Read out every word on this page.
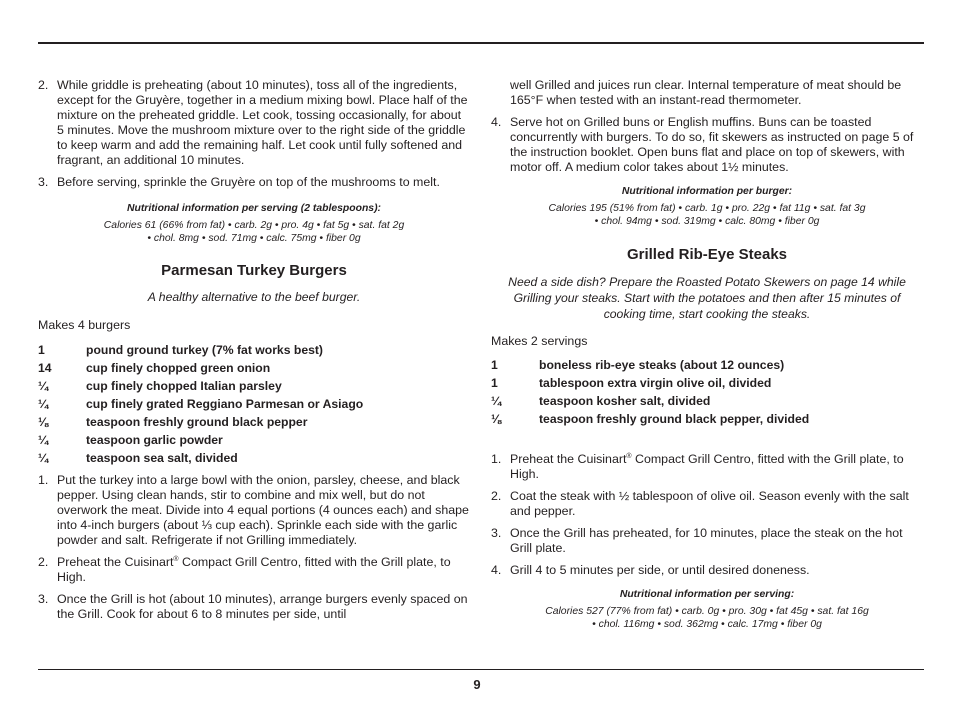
2. While griddle is preheating (about 10 minutes), toss all of the ingredients, except for the Gruyère, together in a medium mixing bowl. Place half of the mixture on the preheated griddle. Let cook, tossing occasionally, for about 5 minutes. Move the mushroom mixture over to the right side of the griddle to keep warm and add the remaining half. Let cook until fully softened and fragrant, an additional 10 minutes.
3. Before serving, sprinkle the Gruyère on top of the mushrooms to melt.
Nutritional information per serving (2 tablespoons):
Calories 61 (66% from fat) • carb. 2g • pro. 4g • fat 5g • sat. fat 2g
• chol. 8mg • sod. 71mg • calc. 75mg • fiber 0g
Parmesan Turkey Burgers

A healthy alternative to the beef burger.

Makes 4 burgers

1	pound ground turkey (7% fat works best)
14	cup finely chopped green onion
¼	cup finely chopped Italian parsley
¼	cup finely grated Reggiano Parmesan or Asiago
⅛	teaspoon freshly ground black pepper
¼	teaspoon garlic powder
¼	teaspoon sea salt, divided
1. Put the turkey into a large bowl with the onion, parsley, cheese, and black pepper. Using clean hands, stir to combine and mix well, but do not overwork the meat. Divide into 4 equal portions (4 ounces each) and shape into 4-inch burgers (about ⅓ cup each). Sprinkle each side with the garlic powder and salt. Refrigerate if not Grilling immediately.
2. Preheat the Cuisinart® Compact Grill Centro, fitted with the Grill plate, to High.
3. Once the Grill is hot (about 10 minutes), arrange burgers evenly spaced on the Grill. Cook for about 6 to 8 minutes per side, until
well Grilled and juices run clear. Internal temperature of meat should be 165°F when tested with an instant-read thermometer.
4. Serve hot on Grilled buns or English muffins. Buns can be toasted concurrently with burgers. To do so, fit skewers as instructed on page 5 of the instruction booklet. Open buns flat and place on top of skewers, with motor off. A medium color takes about 1½ minutes.
Nutritional information per burger:
Calories 195 (51% from fat) • carb. 1g • pro. 22g • fat 11g • sat. fat 3g
• chol. 94mg • sod. 319mg • calc. 80mg • fiber 0g
Grilled Rib-Eye Steaks

Need a side dish? Prepare the Roasted Potato Skewers on page 14 while Grilling your steaks. Start with the potatoes and then after 15 minutes of cooking time, start cooking the steaks.

Makes 2 servings

1	boneless rib-eye steaks (about 12 ounces)
1	tablespoon extra virgin olive oil, divided
¼	teaspoon kosher salt, divided
⅛	teaspoon freshly ground black pepper, divided
1. Preheat the Cuisinart® Compact Grill Centro, fitted with the Grill plate, to High.
2. Coat the steak with ½ tablespoon of olive oil. Season evenly with the salt and pepper.
3. Once the Grill has preheated, for 10 minutes, place the steak on the hot Grill plate.
4. Grill 4 to 5 minutes per side, or until desired doneness.
Nutritional information per serving:
Calories 527 (77% from fat) • carb. 0g • pro. 30g • fat 45g • sat. fat 16g
• chol. 116mg • sod. 362mg • calc. 17mg • fiber 0g
9
